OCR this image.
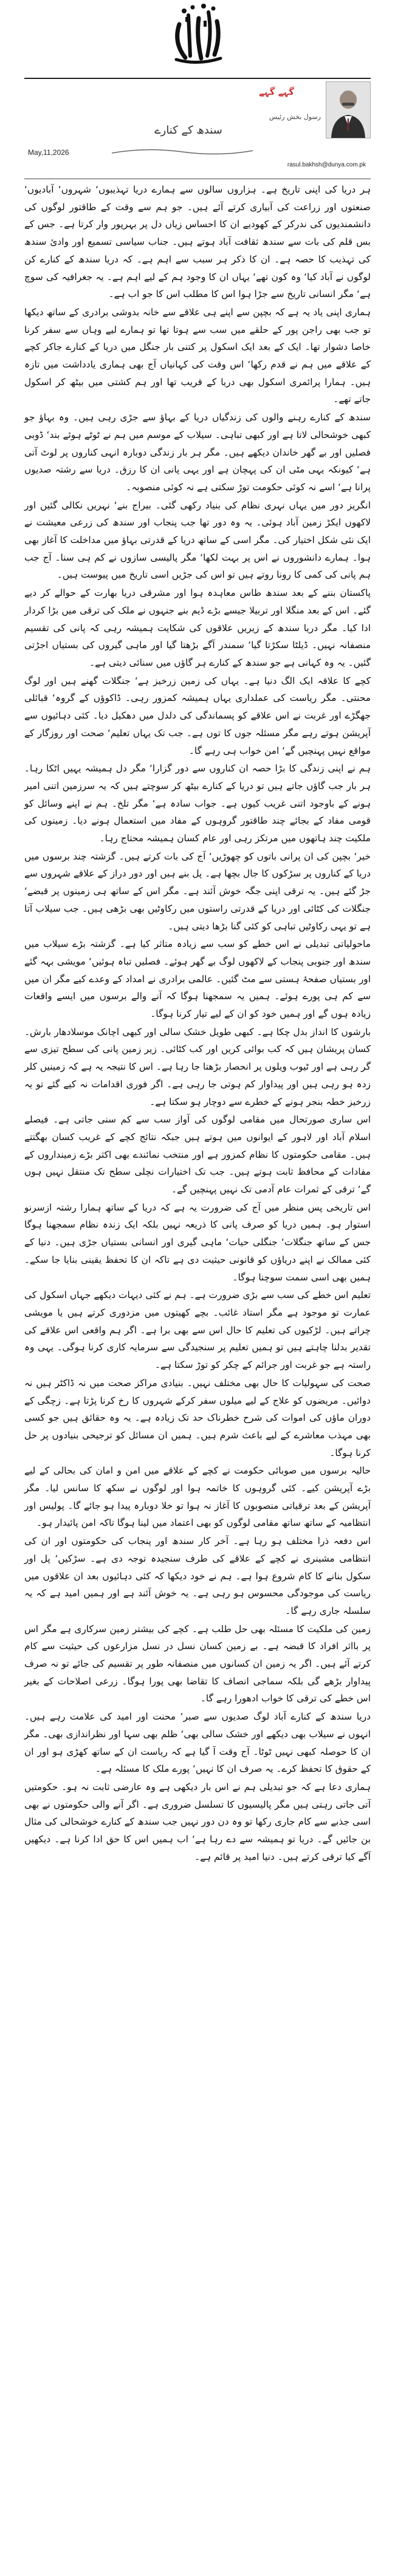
گہے گہے
رسول بخش رئیس
سندھ کے کنارے
May,11,2026
rasul.bakhsh@dunya.com.pk

ہر دریا کی اپنی تاریخ ہے۔ ہزاروں سالوں سے ہمارے دریا تہذیبوں‘ شہروں‘ آبادیوں‘ صنعتوں اور زراعت کی آبیاری کرتے آئے ہیں۔ جو ہم سے وقت کے طاقتور لوگوں کی دانشمندیوں کی ندرکر کے کھودیے ان کا احساس زیاں دل پر بہرپور وار کرتا ہے۔ جس کے بس قلم کی بات سے سندھ ثقافت آباد ہوتے ہیں۔ جناب سیاسی تسمیع اور وادئ سندھ کی تہذیب کا حصہ ہے۔ ان کا ذکر ہر سبب سے اہم ہے۔ کہ دریا سندھ کے کنارے کن لوگوں نے آباد کیا‘ وہ کون تھے‘ یہاں ان کا وجود ہم کے لیے اہم ہے۔ یہ جغرافیہ کی سوچ ہے‘ مگر انسانی تاریخ سے جڑا ہوا اس کا مطلب اس کا جو اب ہے۔

ہماری اپنی یاد یہ ہے کہ بچپن سے اپنے ہی علاقے سے خانہ بدوشی برادری کے ساتھ دیکھا تو جب بھی راجن پور کے حلقے میں سب سے ہوتا تھا تو ہمارے لیے وہاں سے سفر کرنا خاصا دشوار تھا۔ ایک کے بعد ایک اسکول پر کتنی بار جنگل میں دریا کے کنارے جاکر کچے کے علاقے میں ہم نے قدم رکھا‘ اس وقت کی کہانیاں آج بھی ہماری یادداشت میں تازہ ہیں۔ ہمارا پرائمری اسکول بھی دریا کے قریب تھا اور ہم کشتی میں بیٹھ کر اسکول جاتے تھے۔

سندھ کے کنارے رہنے والوں کی زندگیاں دریا کے بہاؤ سے جڑی رہی ہیں۔ وہ بہاؤ جو کبھی خوشحالی لاتا ہے اور کبھی تباہی۔ سیلاب کے موسم میں ہم نے ٹوٹے ہوئے بند‘ ڈوبی فصلیں اور بے گھر خاندان دیکھے ہیں۔ مگر ہر بار زندگی دوبارہ انہی کناروں پر لوٹ آتی ہے‘ کیونکہ یہی مٹی ان کی پہچان ہے اور یہی پانی ان کا رزق۔ دریا سے رشتہ صدیوں پرانا ہے‘ اسے نہ کوئی حکومت توڑ سکتی ہے نہ کوئی منصوبہ۔

انگریز دور میں یہاں نہری نظام کی بنیاد رکھی گئی۔ بیراج بنے‘ نہریں نکالی گئیں اور لاکھوں ایکڑ زمین آباد ہوئی۔ یہ وہ دور تھا جب پنجاب اور سندھ کی زرعی معیشت نے ایک نئی شکل اختیار کی۔ مگر اسی کے ساتھ دریا کے قدرتی بہاؤ میں مداخلت کا آغاز بھی ہوا۔ ہمارے دانشوروں نے اس پر بہت لکھا‘ مگر پالیسی سازوں نے کم ہی سنا۔ آج جب ہم پانی کی کمی کا رونا روتے ہیں تو اس کی جڑیں اسی تاریخ میں پیوست ہیں۔

پاکستان بننے کے بعد سندھ طاس معاہدہ ہوا اور مشرقی دریا بھارت کے حوالے کر دیے گئے۔ اس کے بعد منگلا اور تربیلا جیسے بڑے ڈیم بنے جنہوں نے ملک کی ترقی میں بڑا کردار ادا کیا۔ مگر دریا سندھ کے زیریں علاقوں کی شکایت ہمیشہ رہی کہ پانی کی تقسیم منصفانہ نہیں۔ ڈیلٹا سکڑتا گیا‘ سمندر آگے بڑھتا گیا اور ماہی گیروں کی بستیاں اجڑتی گئیں۔ یہ وہ کہانی ہے جو سندھ کے کنارے ہر گاؤں میں سنائی دیتی ہے۔

کچے کا علاقہ ایک الگ دنیا ہے۔ یہاں کی زمین زرخیز ہے‘ جنگلات گھنے ہیں اور لوگ محنتی۔ مگر ریاست کی عملداری یہاں ہمیشہ کمزور رہی۔ ڈاکوؤں کے گروہ‘ قبائلی جھگڑے اور غربت نے اس علاقے کو پسماندگی کی دلدل میں دھکیل دیا۔ کئی دہائیوں سے آپریشن ہوتے رہے مگر مسئلہ جوں کا توں ہے۔ جب تک یہاں تعلیم‘ صحت اور روزگار کے مواقع نہیں پہنچیں گے‘ امن خواب ہی رہے گا۔

ہم نے اپنی زندگی کا بڑا حصہ ان کناروں سے دور گزارا‘ مگر دل ہمیشہ یہیں اٹکا رہا۔ ہر بار جب گاؤں جاتے ہیں تو دریا کے کنارے بیٹھ کر سوچتے ہیں کہ یہ سرزمین اتنی امیر ہونے کے باوجود اتنی غریب کیوں ہے۔ جواب سادہ ہے‘ مگر تلخ۔ ہم نے اپنے وسائل کو قومی مفاد کے بجائے چند طاقتور گروہوں کے مفاد میں استعمال ہونے دیا۔ زمینوں کی ملکیت چند ہاتھوں میں مرتکز رہی اور عام کسان ہمیشہ محتاج رہا۔

خیر‘ بچپن کی ان پرانی باتوں کو چھوڑیں‘ آج کی بات کرتے ہیں۔ گزشتہ چند برسوں میں دریا کے کناروں پر سڑکوں کا جال بچھا ہے۔ پل بنے ہیں اور دور دراز کے علاقے شہروں سے جڑ گئے ہیں۔ یہ ترقی اپنی جگہ خوش آئند ہے۔ مگر اس کے ساتھ ہی زمینوں پر قبضے‘ جنگلات کی کٹائی اور دریا کے قدرتی راستوں میں رکاوٹیں بھی بڑھی ہیں۔ جب سیلاب آتا ہے تو یہی رکاوٹیں تباہی کو کئی گنا بڑھا دیتی ہیں۔

ماحولیاتی تبدیلی نے اس خطے کو سب سے زیادہ متاثر کیا ہے۔ گزشتہ بڑے سیلاب میں سندھ اور جنوبی پنجاب کے لاکھوں لوگ بے گھر ہوئے۔ فصلیں تباہ ہوئیں‘ مویشی بہہ گئے اور بستیاں صفحۂ ہستی سے مٹ گئیں۔ عالمی برادری نے امداد کے وعدے کیے مگر ان میں سے کم ہی پورے ہوئے۔ ہمیں یہ سمجھنا ہوگا کہ آنے والے برسوں میں ایسے واقعات زیادہ ہوں گے اور ہمیں خود کو ان کے لیے تیار کرنا ہوگا۔

بارشوں کا انداز بدل چکا ہے۔ کبھی طویل خشک سالی اور کبھی اچانک موسلادھار بارش۔ کسان پریشان ہیں کہ کب بوائی کریں اور کب کٹائی۔ زیر زمین پانی کی سطح تیزی سے گر رہی ہے اور ٹیوب ویلوں پر انحصار بڑھتا جا رہا ہے۔ اس کا نتیجہ یہ ہے کہ زمینیں کلر زدہ ہو رہی ہیں اور پیداوار کم ہوتی جا رہی ہے۔ اگر فوری اقدامات نہ کیے گئے تو یہ زرخیز خطہ بنجر ہونے کے خطرے سے دوچار ہو سکتا ہے۔

اس ساری صورتحال میں مقامی لوگوں کی آواز سب سے کم سنی جاتی ہے۔ فیصلے اسلام آباد اور لاہور کے ایوانوں میں ہوتے ہیں جبکہ نتائج کچے کے غریب کسان بھگتتے ہیں۔ مقامی حکومتوں کا نظام کمزور ہے اور منتخب نمائندے بھی اکثر بڑے زمینداروں کے مفادات کے محافظ ثابت ہوتے ہیں۔ جب تک اختیارات نچلی سطح تک منتقل نہیں ہوں گے‘ ترقی کے ثمرات عام آدمی تک نہیں پہنچیں گے۔

اس تاریخی پس منظر میں آج کی ضرورت یہ ہے کہ دریا کے ساتھ ہمارا رشتہ ازسرنو استوار ہو۔ ہمیں دریا کو صرف پانی کا ذریعہ نہیں بلکہ ایک زندہ نظام سمجھنا ہوگا جس کے ساتھ جنگلات‘ جنگلی حیات‘ ماہی گیری اور انسانی بستیاں جڑی ہیں۔ دنیا کے کئی ممالک نے اپنے دریاؤں کو قانونی حیثیت دی ہے تاکہ ان کا تحفظ یقینی بنایا جا سکے۔ ہمیں بھی اسی سمت سوچنا ہوگا۔

تعلیم اس خطے کی سب سے بڑی ضرورت ہے۔ ہم نے کئی دیہات دیکھے جہاں اسکول کی عمارت تو موجود ہے مگر استاد غائب۔ بچے کھیتوں میں مزدوری کرتے ہیں یا مویشی چراتے ہیں۔ لڑکیوں کی تعلیم کا حال اس سے بھی برا ہے۔ اگر ہم واقعی اس علاقے کی تقدیر بدلنا چاہتے ہیں تو ہمیں تعلیم پر سنجیدگی سے سرمایہ کاری کرنا ہوگی۔ یہی وہ راستہ ہے جو غربت اور جرائم کے چکر کو توڑ سکتا ہے۔

صحت کی سہولیات کا حال بھی مختلف نہیں۔ بنیادی مراکز صحت میں نہ ڈاکٹر ہیں نہ دوائیں۔ مریضوں کو علاج کے لیے میلوں سفر کرکے شہروں کا رخ کرنا پڑتا ہے۔ زچگی کے دوران ماؤں کی اموات کی شرح خطرناک حد تک زیادہ ہے۔ یہ وہ حقائق ہیں جو کسی بھی مہذب معاشرے کے لیے باعث شرم ہیں۔ ہمیں ان مسائل کو ترجیحی بنیادوں پر حل کرنا ہوگا۔

حالیہ برسوں میں صوبائی حکومت نے کچے کے علاقے میں امن و امان کی بحالی کے لیے بڑے آپریشن کیے۔ کئی گروہوں کا خاتمہ ہوا اور لوگوں نے سکھ کا سانس لیا۔ مگر آپریشن کے بعد ترقیاتی منصوبوں کا آغاز نہ ہوا تو خلا دوبارہ پیدا ہو جائے گا۔ پولیس اور انتظامیہ کے ساتھ ساتھ مقامی لوگوں کو بھی اعتماد میں لینا ہوگا تاکہ امن پائیدار ہو۔

اس دفعہ ذرا مختلف ہو رہا ہے۔ آخر کار سندھ اور پنجاب کی حکومتوں اور ان کی انتظامی مشینری نے کچے کے علاقے کی طرف سنجیدہ توجہ دی ہے۔ سڑکیں‘ پل اور سکول بنانے کا کام شروع ہوا ہے۔ ہم نے خود دیکھا کہ کئی دہائیوں بعد ان علاقوں میں ریاست کی موجودگی محسوس ہو رہی ہے۔ یہ خوش آئند ہے اور ہمیں امید ہے کہ یہ سلسلہ جاری رہے گا۔

زمین کی ملکیت کا مسئلہ بھی حل طلب ہے۔ کچے کی بیشتر زمین سرکاری ہے مگر اس پر بااثر افراد کا قبضہ ہے۔ بے زمین کسان نسل در نسل مزارعوں کی حیثیت سے کام کرتے آئے ہیں۔ اگر یہ زمین ان کسانوں میں منصفانہ طور پر تقسیم کی جائے تو نہ صرف پیداوار بڑھے گی بلکہ سماجی انصاف کا تقاضا بھی پورا ہوگا۔ زرعی اصلاحات کے بغیر اس خطے کی ترقی کا خواب ادھورا رہے گا۔

دریا سندھ کے کنارے آباد لوگ صدیوں سے صبر‘ محنت اور امید کی علامت رہے ہیں۔ انہوں نے سیلاب بھی دیکھے اور خشک سالی بھی‘ ظلم بھی سہا اور نظراندازی بھی۔ مگر ان کا حوصلہ کبھی نہیں ٹوٹا۔ آج وقت آ گیا ہے کہ ریاست ان کے ساتھ کھڑی ہو اور ان کے حقوق کا تحفظ کرے۔ یہ صرف ان کا نہیں‘ پورے ملک کا مسئلہ ہے۔

ہماری دعا ہے کہ جو تبدیلی ہم نے اس بار دیکھی ہے وہ عارضی ثابت نہ ہو۔ حکومتیں آتی جاتی رہتی ہیں مگر پالیسیوں کا تسلسل ضروری ہے۔ اگر آنے والی حکومتوں نے بھی اسی جذبے سے کام جاری رکھا تو وہ دن دور نہیں جب سندھ کے کنارے خوشحالی کی مثال بن جائیں گے۔ دریا تو ہمیشہ سے دے رہا ہے‘ اب ہمیں اس کا حق ادا کرنا ہے۔ دیکھیں آگے کیا ترقی کرتے ہیں۔ دنیا امید پر قائم ہے۔
